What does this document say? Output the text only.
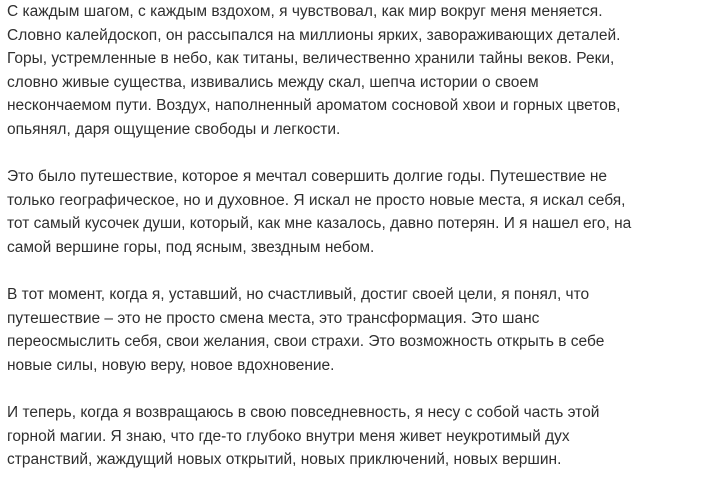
С каждым шагом, с каждым вздохом, я чувствовал, как мир вокруг меня меняется.
Словно калейдоскоп, он рассыпался на миллионы ярких, завораживающих деталей.
Горы, устремленные в небо, как титаны, величественно хранили тайны веков. Реки,
словно живые существа, извивались между скал, шепча истории о своем
нескончаемом пути. Воздух, наполненный ароматом сосновой хвои и горных цветов,
опьянял, даря ощущение свободы и легкости.
Это было путешествие, которое я мечтал совершить долгие годы. Путешествие не
только географическое, но и духовное. Я искал не просто новые места, я искал себя,
тот самый кусочек души, который, как мне казалось, давно потерян. И я нашел его, на
самой вершине горы, под ясным, звездным небом.
В тот момент, когда я, уставший, но счастливый, достиг своей цели, я понял, что
путешествие – это не просто смена места, это трансформация. Это шанс
переосмыслить себя, свои желания, свои страхи. Это возможность открыть в себе
новые силы, новую веру, новое вдохновение.
И теперь, когда я возвращаюсь в свою повседневность, я несу с собой часть этой
горной магии. Я знаю, что где-то глубоко внутри меня живет неукротимый дух
странствий, жаждущий новых открытий, новых приключений, новых вершин.
